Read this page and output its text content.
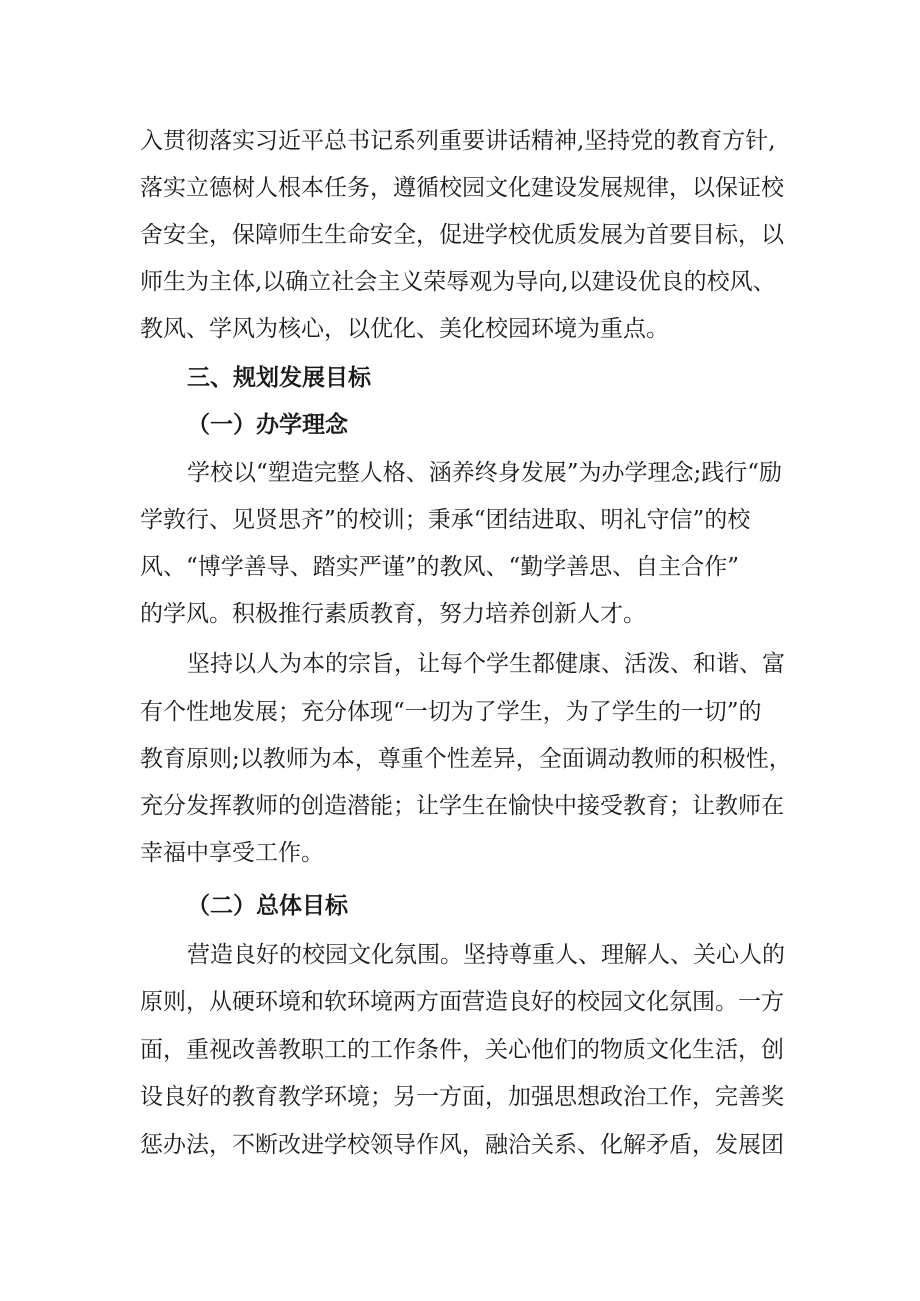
入贯彻落实习近平总书记系列重要讲话精神,坚持党的教育方针,
落实立德树人根本任务，遵循校园文化建设发展规律，以保证校
舍安全，保障师生生命安全，促进学校优质发展为首要目标，以
师生为主体,以确立社会主义荣辱观为导向,以建设优良的校风、
教风、学风为核心，以优化、美化校园环境为重点。
三、规划发展目标
（一）办学理念
学校以“塑造完整人格、涵养终身发展”为办学理念;践行“励
学敦行、见贤思齐”的校训；秉承“团结进取、明礼守信”的校
风、“博学善导、踏实严谨”的教风、“勤学善思、自主合作”
的学风。积极推行素质教育，努力培养创新人才。
坚持以人为本的宗旨，让每个学生都健康、活泼、和谐、富
有个性地发展；充分体现“一切为了学生，为了学生的一切”的
教育原则;以教师为本，尊重个性差异，全面调动教师的积极性，
充分发挥教师的创造潜能；让学生在愉快中接受教育；让教师在
幸福中享受工作。
（二）总体目标
营造良好的校园文化氛围。坚持尊重人、理解人、关心人的
原则，从硬环境和软环境两方面营造良好的校园文化氛围。一方
面，重视改善教职工的工作条件，关心他们的物质文化生活，创
设良好的教育教学环境；另一方面，加强思想政治工作，完善奖
惩办法，不断改进学校领导作风，融洽关系、化解矛盾，发展团
